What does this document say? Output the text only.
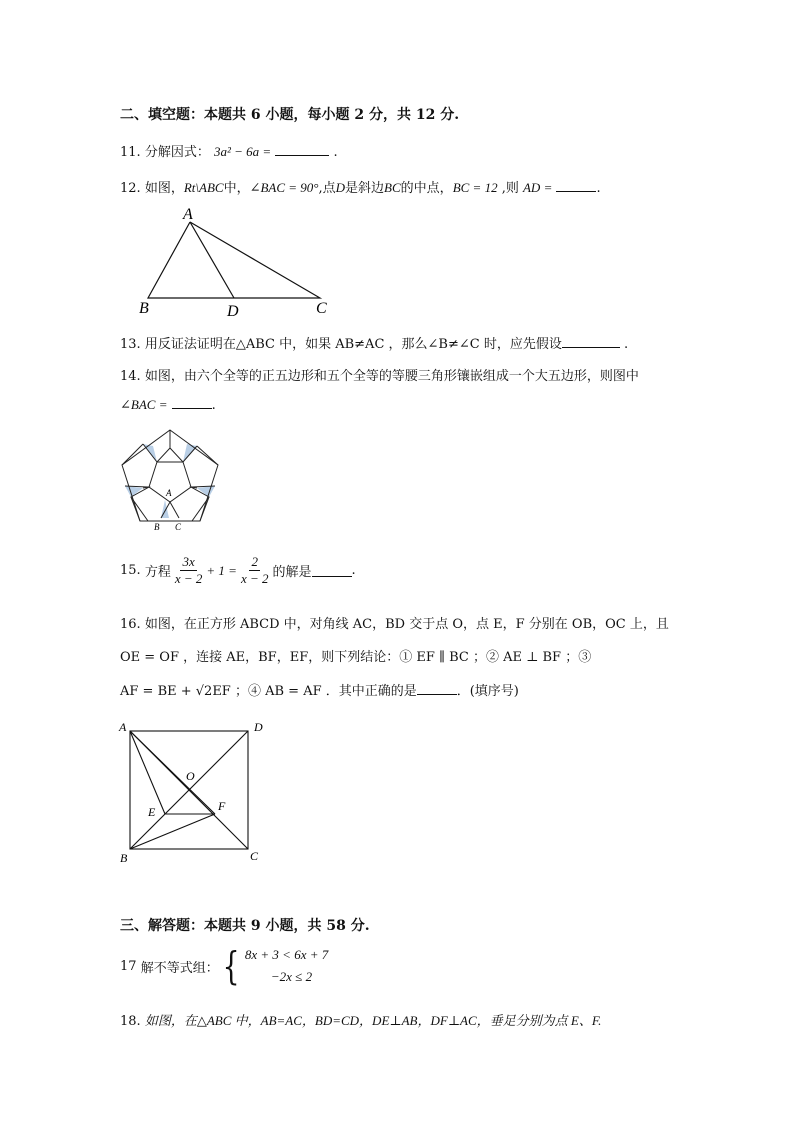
二、填空题：本题共 6 小题，每小题 2 分，共 12 分.
11. 分解因式： 3a² − 6a =	.
12. 如图，Rt\ABC中，∠BAC = 90°,点D是斜边BC的中点，BC = 12 ,则 AD =	.
A
B	C
D
13. 用反证法证明在△ABC 中，如果 AB≠AC ，那么∠B≠∠C 时，应先假设	.
14. 如图，由六个全等的正五边形和五个全等的等腰三角形镶嵌组成一个大五边形，则图中
∠BAC =	.
A
B C
15.
方程 $\frac{3x}{x - 2} + 1 = \frac{2}{x - 2}$ 的解是	.
16. 如图，在正方形 ABCD 中，对角线 AC，BD 交于点 O，点 E，F 分别在 OB，OC 上，且
OE = OF ，连接 AE，BF，EF，则下列结论：① EF ∥ BC ；② AE ⊥ BF ；③
AF = BE + √2EF ；④ AB = AF ．其中正确的是	．(填序号)
A	D
B	C
O
E	F
三、解答题：本题共 9 小题，共 58 分.
17
解不等式组： { 8x + 3 < 6x + 7
−2x ≤ 2
18. 如图，在△ABC 中，AB=AC，BD=CD，DE⊥AB，DF⊥AC，垂足分别为点 E、F.
